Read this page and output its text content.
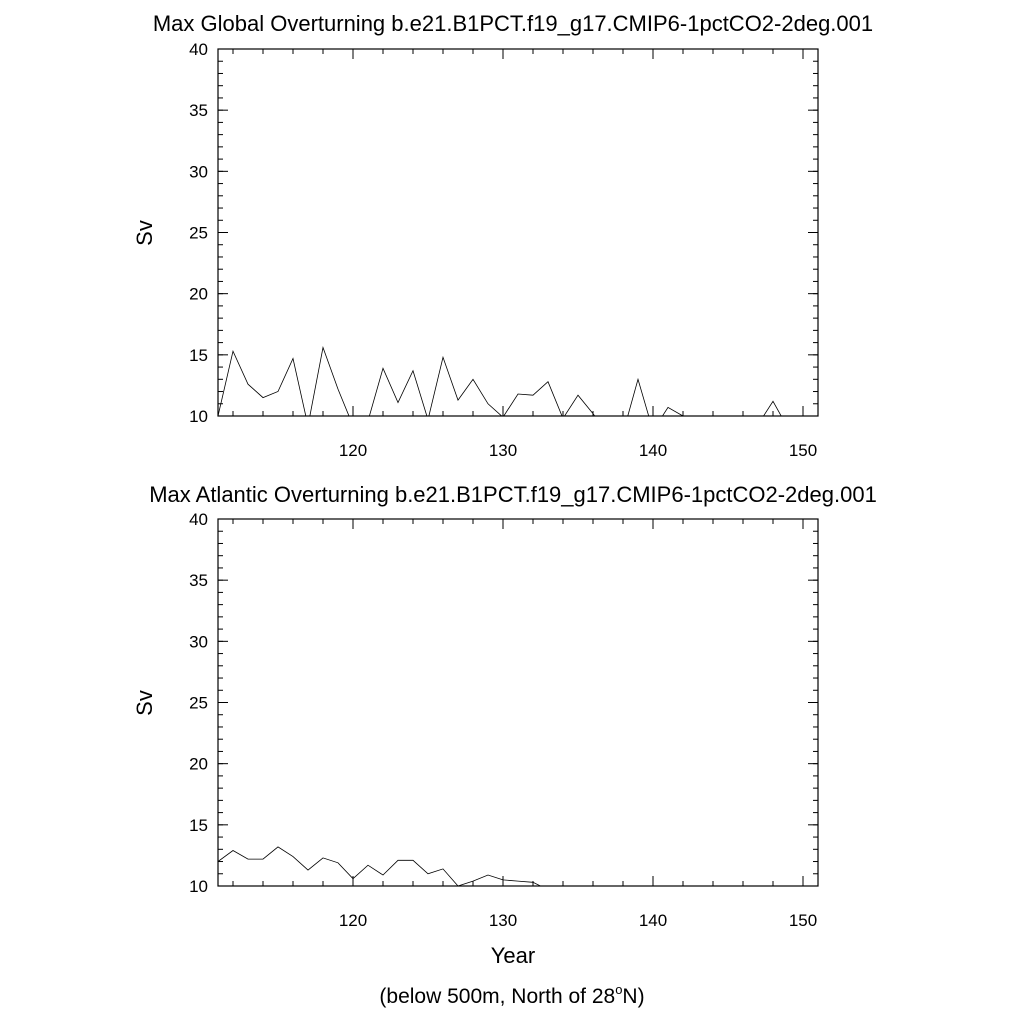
Max Global Overturning b.e21.B1PCT.f19_g17.CMIP6-1pctCO2-2deg.001
Sv
120	130	140	150
10
15
20
25
30
35
40
Max Atlantic Overturning b.e21.B1PCT.f19_g17.CMIP6-1pctCO2-2deg.001
Sv
120	130	140	150
10
15
20
25
30
35
40
Year
(below 500m, North of 28$^o$N)
